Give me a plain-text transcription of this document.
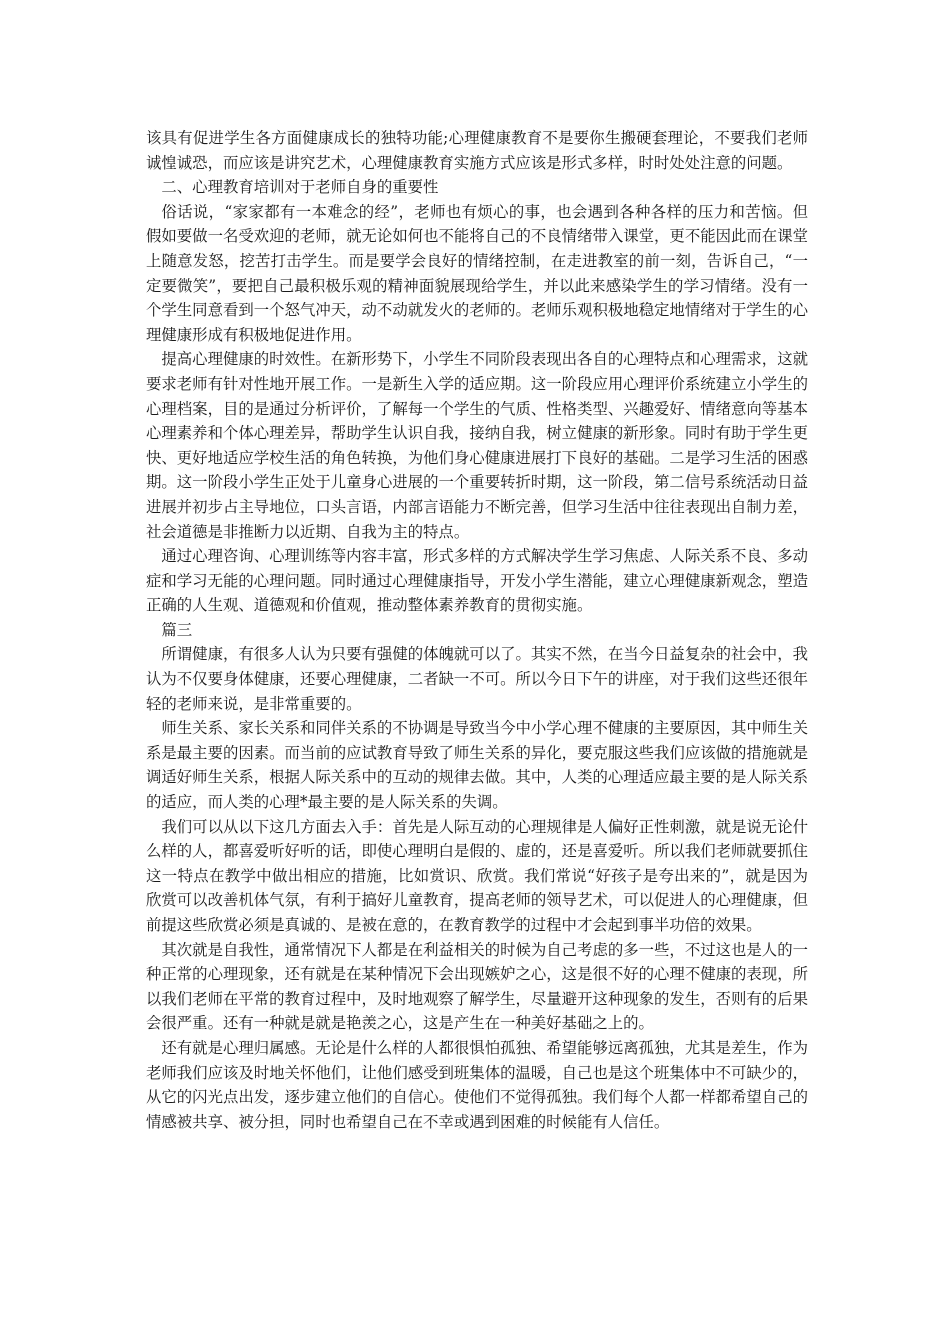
该具有促进学生各方面健康成长的独特功能;心理健康教育不是要你生搬硬套理论，不要我们老师诚惶诚恐，而应该是讲究艺术，心理健康教育实施方式应该是形式多样，时时处处注意的问题。

二、心理教育培训对于老师自身的重要性

俗话说，“家家都有一本难念的经”，老师也有烦心的事，也会遇到各种各样的压力和苦恼。但假如要做一名受欢迎的老师，就无论如何也不能将自己的不良情绪带入课堂，更不能因此而在课堂上随意发怒，挖苦打击学生。而是要学会良好的情绪控制，在走进教室的前一刻，告诉自己，“一定要微笑”，要把自己最积极乐观的精神面貌展现给学生，并以此来感染学生的学习情绪。没有一个学生同意看到一个怒气冲天，动不动就发火的老师的。老师乐观积极地稳定地情绪对于学生的心理健康形成有积极地促进作用。

提高心理健康的时效性。在新形势下，小学生不同阶段表现出各自的心理特点和心理需求，这就要求老师有针对性地开展工作。一是新生入学的适应期。这一阶段应用心理评价系统建立小学生的心理档案，目的是通过分析评价，了解每一个学生的气质、性格类型、兴趣爱好、情绪意向等基本心理素养和个体心理差异，帮助学生认识自我，接纳自我，树立健康的新形象。同时有助于学生更快、更好地适应学校生活的角色转换，为他们身心健康进展打下良好的基础。二是学习生活的困惑期。这一阶段小学生正处于儿童身心进展的一个重要转折时期，这一阶段，第二信号系统活动日益进展并初步占主导地位，口头言语，内部言语能力不断完善，但学习生活中往往表现出自制力差，社会道德是非推断力以近期、自我为主的特点。

通过心理咨询、心理训练等内容丰富，形式多样的方式解决学生学习焦虑、人际关系不良、多动症和学习无能的心理问题。同时通过心理健康指导，开发小学生潜能，建立心理健康新观念，塑造正确的人生观、道德观和价值观，推动整体素养教育的贯彻实施。

篇三

所谓健康，有很多人认为只要有强健的体魄就可以了。其实不然，在当今日益复杂的社会中，我认为不仅要身体健康，还要心理健康，二者缺一不可。所以今日下午的讲座，对于我们这些还很年轻的老师来说，是非常重要的。

师生关系、家长关系和同伴关系的不协调是导致当今中小学心理不健康的主要原因，其中师生关系是最主要的因素。而当前的应试教育导致了师生关系的异化，要克服这些我们应该做的措施就是调适好师生关系，根据人际关系中的互动的规律去做。其中，人类的心理适应最主要的是人际关系的适应，而人类的心理*最主要的是人际关系的失调。

我们可以从以下这几方面去入手：首先是人际互动的心理规律是人偏好正性刺激，就是说无论什么样的人，都喜爱听好听的话，即使心理明白是假的、虚的，还是喜爱听。所以我们老师就要抓住这一特点在教学中做出相应的措施，比如赏识、欣赏。我们常说“好孩子是夸出来的”，就是因为欣赏可以改善机体气氛，有利于搞好儿童教育，提高老师的领导艺术，可以促进人的心理健康，但前提这些欣赏必须是真诚的、是被在意的，在教育教学的过程中才会起到事半功倍的效果。

其次就是自我性，通常情况下人都是在利益相关的时候为自己考虑的多一些，不过这也是人的一种正常的心理现象，还有就是在某种情况下会出现嫉妒之心，这是很不好的心理不健康的表现，所以我们老师在平常的教育过程中，及时地观察了解学生，尽量避开这种现象的发生，否则有的后果会很严重。还有一种就是就是艳羡之心，这是产生在一种美好基础之上的。

还有就是心理归属感。无论是什么样的人都很惧怕孤独、希望能够远离孤独，尤其是差生，作为老师我们应该及时地关怀他们，让他们感受到班集体的温暖，自己也是这个班集体中不可缺少的，从它的闪光点出发，逐步建立他们的自信心。使他们不觉得孤独。我们每个人都一样都希望自己的情感被共享、被分担，同时也希望自己在不幸或遇到困难的时候能有人信任。
